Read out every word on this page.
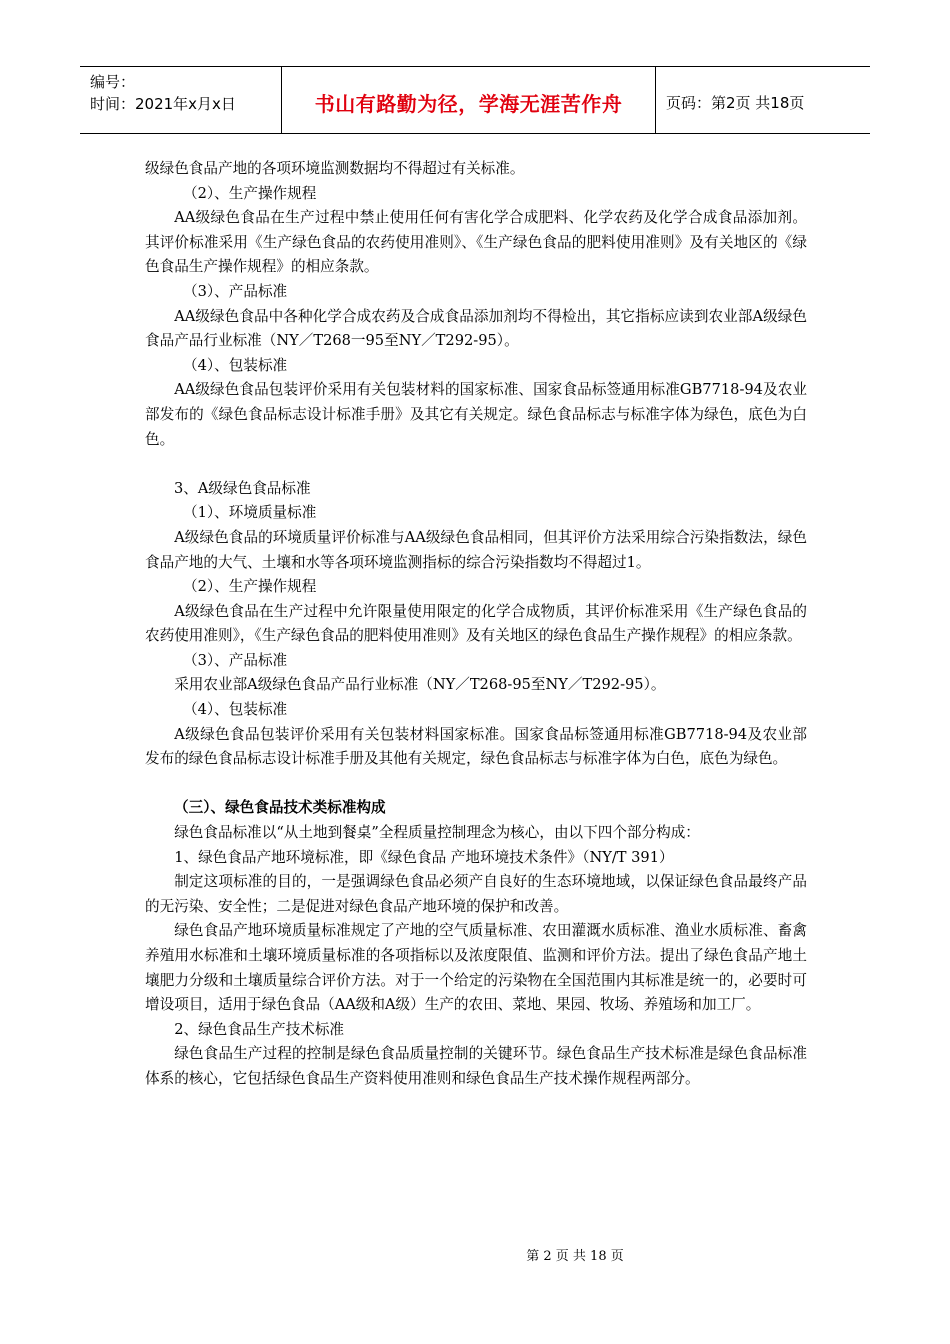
编号：
时间：2021年x月x日	书山有路勤为径，学海无涯苦作舟	页码：第2页 共18页

级绿色食品产地的各项环境监测数据均不得超过有关标准。

（2）、生产操作规程

AA级绿色食品在生产过程中禁止使用任何有害化学合成肥料、化学农药及化学合成食品添加剂。其评价标准采用《生产绿色食品的农药使用准则》、《生产绿色食品的肥料使用准则》及有关地区的《绿色食品生产操作规程》的相应条款。

（3）、产品标准

AA级绿色食品中各种化学合成农药及合成食品添加剂均不得检出，其它指标应读到农业部A级绿色食品产品行业标准（NY／T268一95至NY／T292-95）。

（4）、包装标准

AA级绿色食品包装评价采用有关包装材料的国家标准、国家食品标签通用标准GB7718-94及农业部发布的《绿色食品标志设计标准手册》及其它有关规定。绿色食品标志与标准字体为绿色，底色为白色。

3、A级绿色食品标准

（1）、环境质量标准

A级绿色食品的环境质量评价标准与AA级绿色食品相同，但其评价方法采用综合污染指数法，绿色食品产地的大气、土壤和水等各项环境监测指标的综合污染指数均不得超过1。

（2）、生产操作规程

A级绿色食品在生产过程中允许限量使用限定的化学合成物质，其评价标准采用《生产绿色食品的农药使用准则》，《生产绿色食品的肥料使用准则》及有关地区的绿色食品生产操作规程》的相应条款。

（3）、产品标准

采用农业部A级绿色食品产品行业标准（NY／T268-95至NY／T292-95）。

（4）、包装标准

A级绿色食品包装评价采用有关包装材料国家标准。国家食品标签通用标准GB7718-94及农业部发布的绿色食品标志设计标准手册及其他有关规定，绿色食品标志与标准字体为白色，底色为绿色。

（三）、绿色食品技术类标准构成

绿色食品标准以“从土地到餐桌”全程质量控制理念为核心，由以下四个部分构成：

1、绿色食品产地环境标准，即《绿色食品 产地环境技术条件》（NY/T 391）

制定这项标准的目的，一是强调绿色食品必须产自良好的生态环境地域，以保证绿色食品最终产品的无污染、安全性；二是促进对绿色食品产地环境的保护和改善。

绿色食品产地环境质量标准规定了产地的空气质量标准、农田灌溉水质标准、渔业水质标准、畜禽养殖用水标准和土壤环境质量标准的各项指标以及浓度限值、监测和评价方法。提出了绿色食品产地土壤肥力分级和土壤质量综合评价方法。对于一个给定的污染物在全国范围内其标准是统一的，必要时可增设项目，适用于绿色食品（AA级和A级）生产的农田、菜地、果园、牧场、养殖场和加工厂。

2、绿色食品生产技术标准

绿色食品生产过程的控制是绿色食品质量控制的关键环节。绿色食品生产技术标准是绿色食品标准体系的核心，它包括绿色食品生产资料使用准则和绿色食品生产技术操作规程两部分。

第 2 页 共 18 页
